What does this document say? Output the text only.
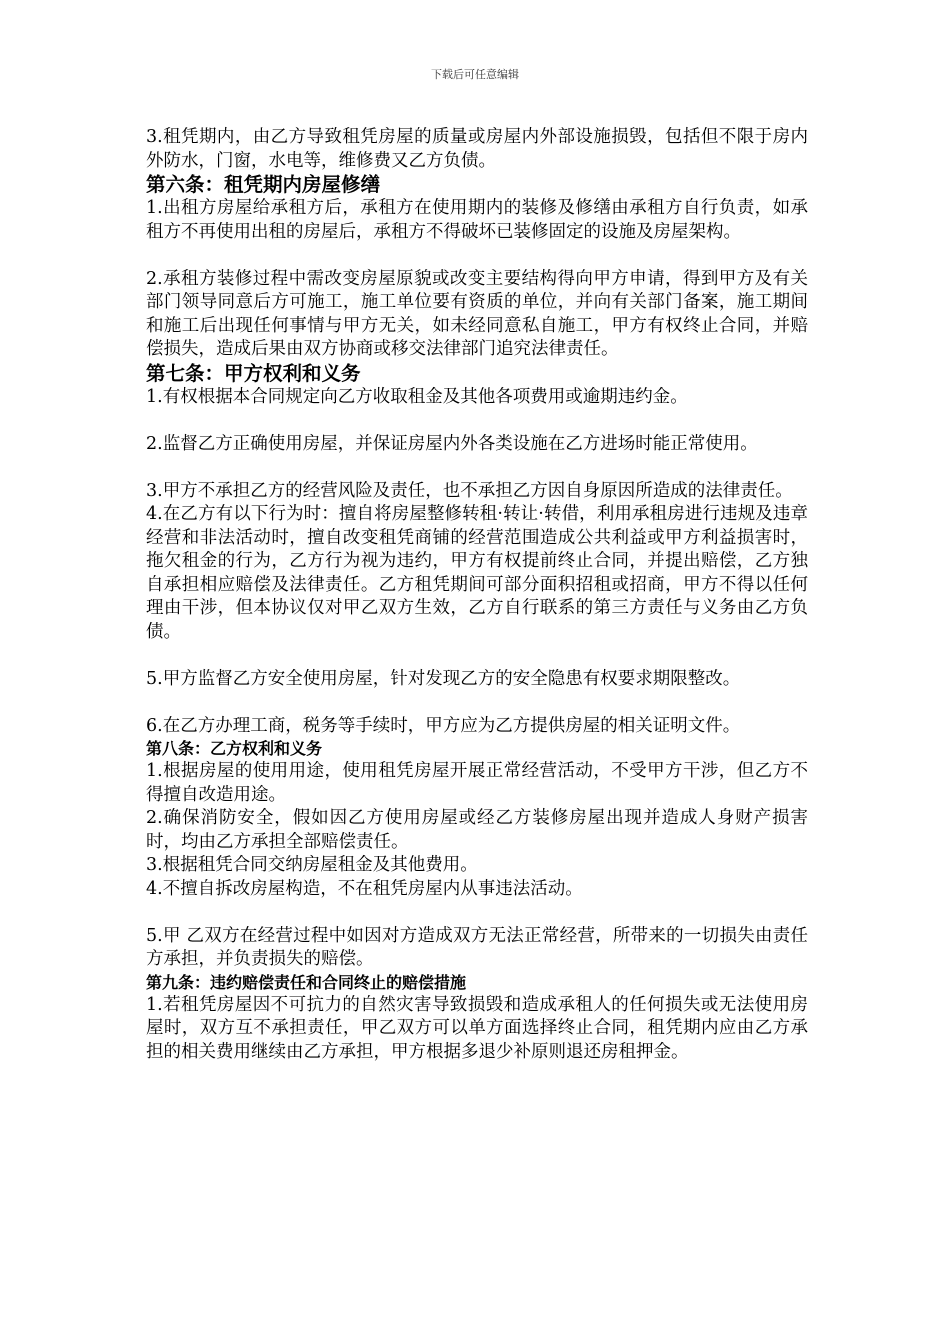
下载后可任意编辑
3.租凭期内，由乙方导致租凭房屋的质量或房屋内外部设施损毁，包括但不限于房内外防水，门窗，水电等，维修费又乙方负债。
第六条：租凭期内房屋修缮
1.出租方房屋给承租方后，承租方在使用期内的装修及修缮由承租方自行负责，如承租方不再使用出租的房屋后，承租方不得破坏已装修固定的设施及房屋架构。
2.承租方装修过程中需改变房屋原貌或改变主要结构得向甲方申请，得到甲方及有关部门领导同意后方可施工，施工单位要有资质的单位，并向有关部门备案，施工期间和施工后出现任何事情与甲方无关，如未经同意私自施工，甲方有权终止合同，并赔偿损失，造成后果由双方协商或移交法律部门追究法律责任。
第七条：甲方权利和义务
1.有权根据本合同规定向乙方收取租金及其他各项费用或逾期违约金。
2.监督乙方正确使用房屋，并保证房屋内外各类设施在乙方进场时能正常使用。
3.甲方不承担乙方的经营风险及责任，也不承担乙方因自身原因所造成的法律责任。
4.在乙方有以下行为时：擅自将房屋整修转租·转让·转借，利用承租房进行违规及违章经营和非法活动时，擅自改变租凭商铺的经营范围造成公共利益或甲方利益损害时，拖欠租金的行为，乙方行为视为违约，甲方有权提前终止合同，并提出赔偿，乙方独自承担相应赔偿及法律责任。乙方租凭期间可部分面积招租或招商，甲方不得以任何理由干涉，但本协议仅对甲乙双方生效，乙方自行联系的第三方责任与义务由乙方负债。
5.甲方监督乙方安全使用房屋，针对发现乙方的安全隐患有权要求期限整改。
6.在乙方办理工商，税务等手续时，甲方应为乙方提供房屋的相关证明文件。
第八条：乙方权利和义务
1.根据房屋的使用用途，使用租凭房屋开展正常经营活动，不受甲方干涉，但乙方不得擅自改造用途。
2.确保消防安全，假如因乙方使用房屋或经乙方装修房屋出现并造成人身财产损害时，均由乙方承担全部赔偿责任。
3.根据租凭合同交纳房屋租金及其他费用。
4.不擅自拆改房屋构造，不在租凭房屋内从事违法活动。
5.甲 乙双方在经营过程中如因对方造成双方无法正常经营，所带来的一切损失由责任方承担，并负责损失的赔偿。
第九条：违约赔偿责任和合同终止的赔偿措施
1.若租凭房屋因不可抗力的自然灾害导致损毁和造成承租人的任何损失或无法使用房屋时，双方互不承担责任，甲乙双方可以单方面选择终止合同，租凭期内应由乙方承担的相关费用继续由乙方承担，甲方根据多退少补原则退还房租押金。
